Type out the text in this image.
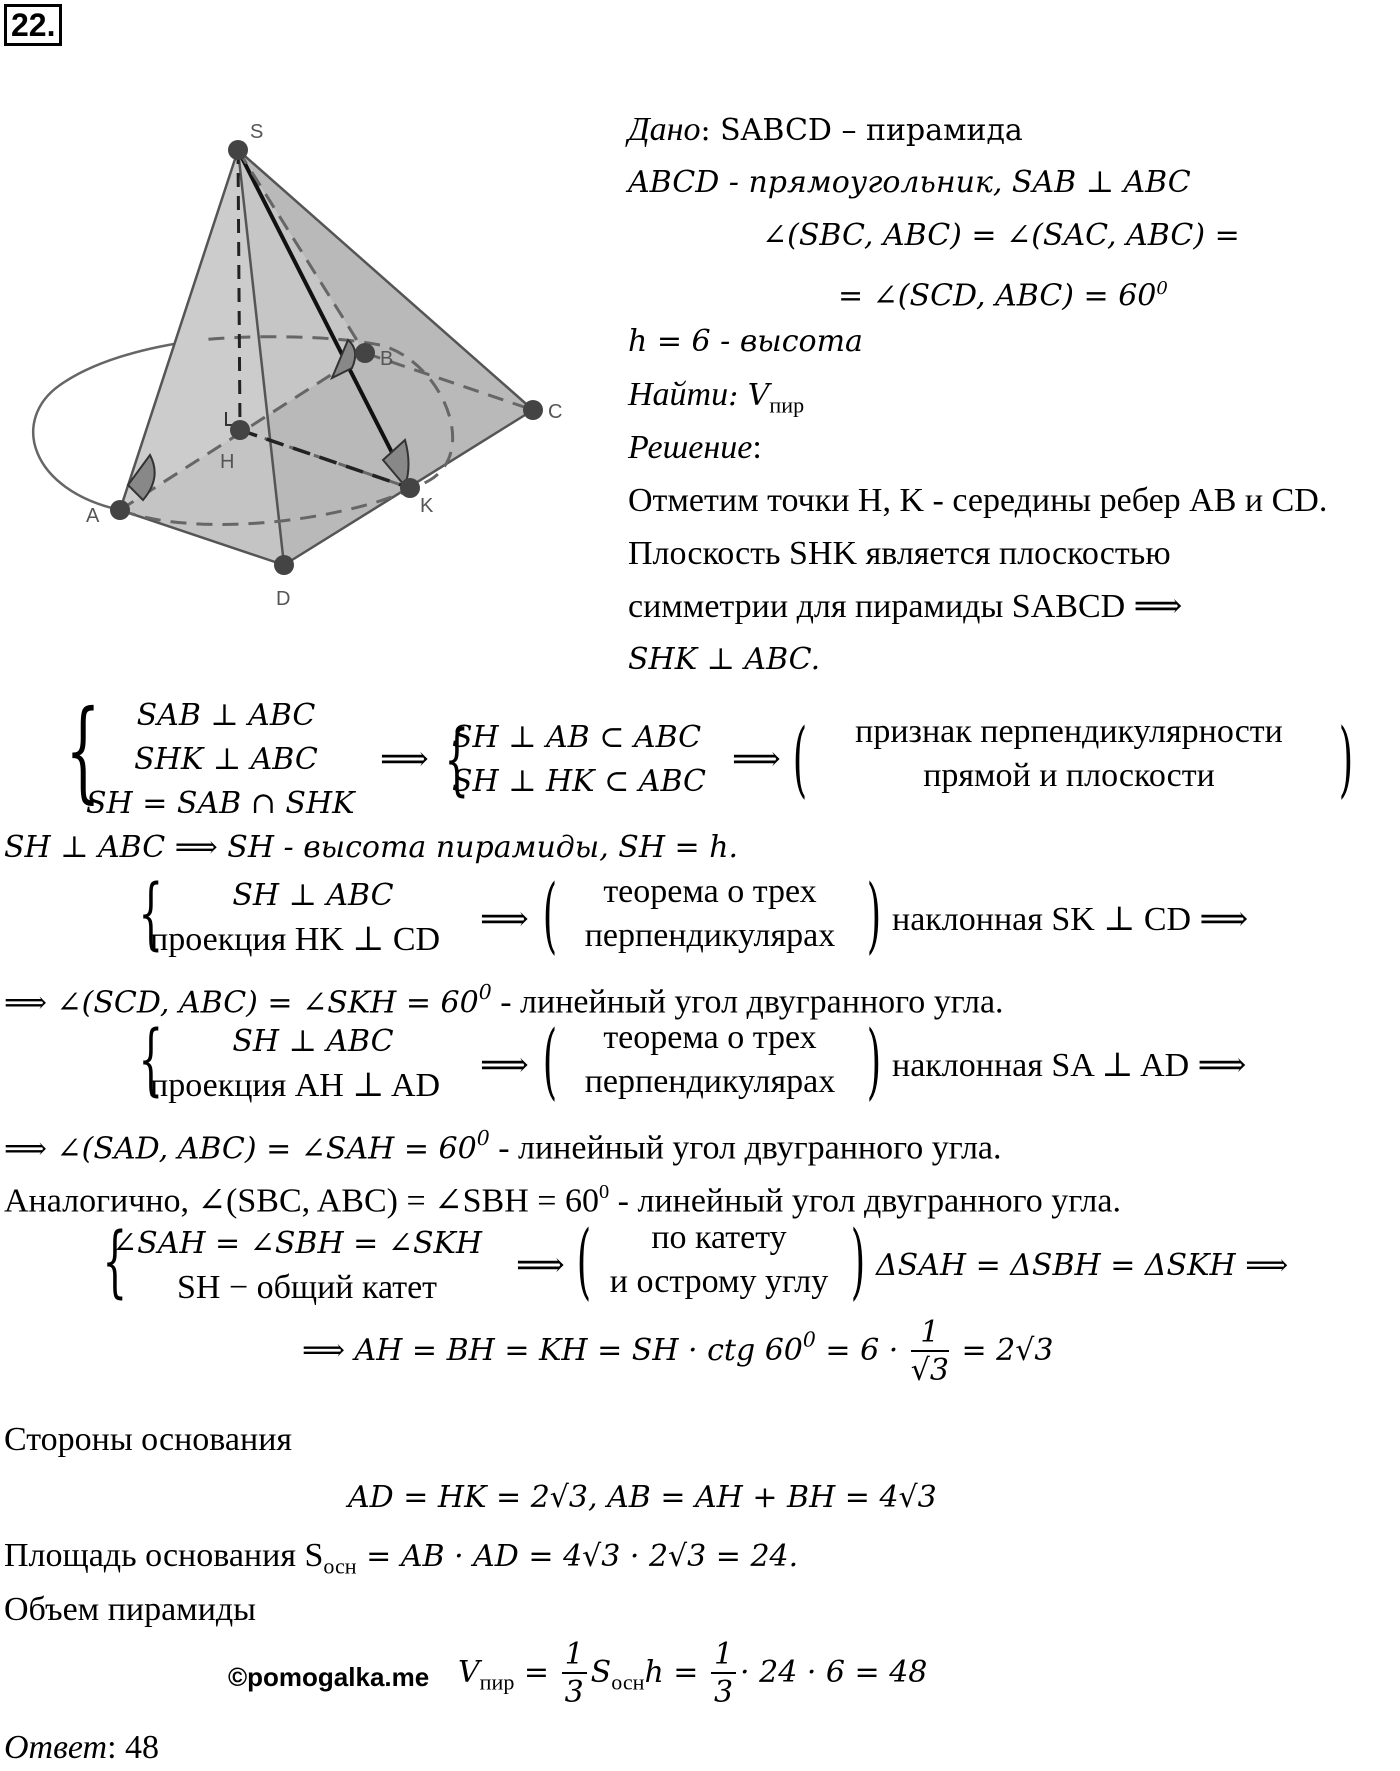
22.
S
A
B
C
D
H
K
Дано: SABCD – пирамида
ABCD - прямоугольник, SAB ⊥ ABC
∠(SBC, ABC) = ∠(SAC, ABC) =
= ∠(SCD, $ABC) = 60^0$
h = 6 - высота
Найти: $V_{пир}$
Решение:
Отметим точки H, K - середины ребер AB и CD.
Плоскость SHK является плоскостью
симметрии для пирамиды SABCD ⟹
SHK ⊥ ABC.
{	SAB ⊥ ABC
SHK ⊥ ABC
SH = SAB ∩ SHK
⟹ {
SH ⊥ AB ⊂ ABC
SH ⊥ HK ⊂ ABC
⟹ (	признак перпендикулярности
прямой и плоскости	)
SH ⊥ ABC ⟹ SH - высота пирамиды, SH = h.
{	SH ⊥ ABC
проекция HK ⊥ CD
⟹ (	теорема о трех
перпендикулярах ) наклонная SK ⊥ CD ⟹
⟹ ∠(SCD, ABC) = ∠SKH = $60^0$ - линейный угол двугранного угла.
{	SH ⊥ ABC
проекция AH ⊥ AD
⟹ (	теорема о трех
перпендикулярах ) наклонная SA ⊥ AD ⟹
⟹ ∠(SAD, ABC) = ∠SAH = $60^0$ - линейный угол двугранного угла.
Аналогично, ∠(SBC, ABC) = ∠SBH = $60^0$ - линейный угол двугранного угла.
{
∠SAH = ∠SBH = ∠SKH
SH − общий катет
⟹ (	по катету
и острому углу ) ΔSAH = ΔSBH = ΔSKH ⟹
⟹ AH = BH = KH = SH · ctg $60^0 = 6 \cdot \frac{1}{√3} = 2√3$
Стороны основания
AD = HK = 2√3, AB = AH + BH = 4√3
Площадь основания $S_{осн}$ = AB · AD = 4√3 · 2√3 = 24.
Объем пирамиды
©pomogalka.me $V_{пир} = \frac{1}{3} S_{осн}h = \frac{1}{3} \cdot 24 \cdot 6 = 48$
Ответ: 48
